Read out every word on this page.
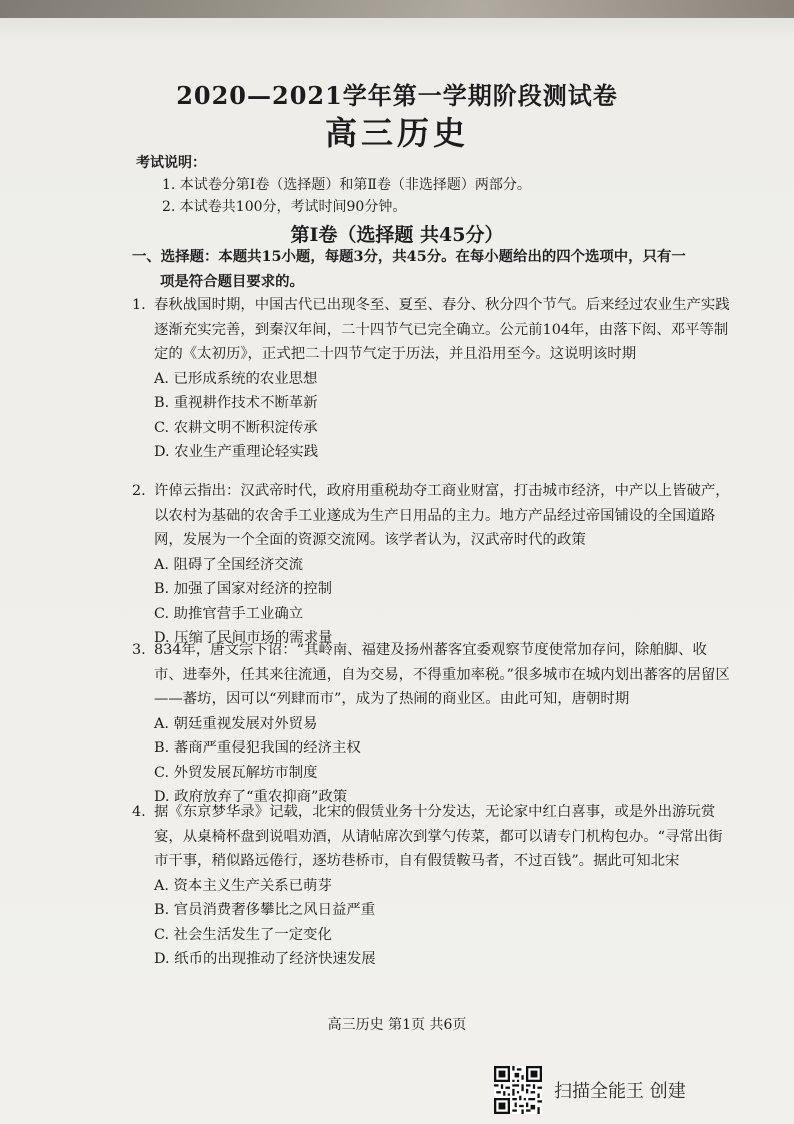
2020—2021学年第一学期阶段测试卷
高三历史
考试说明：
1. 本试卷分第Ⅰ卷（选择题）和第Ⅱ卷（非选择题）两部分。
2. 本试卷共100分，考试时间90分钟。
第Ⅰ卷（选择题 共45分）
一、选择题：本题共15小题，每题3分，共45分。在每小题给出的四个选项中，只有一
项是符合题目要求的。
1. 春秋战国时期，中国古代已出现冬至、夏至、春分、秋分四个节气。后来经过农业生产实践逐渐充实完善，到秦汉年间，二十四节气已完全确立。公元前104年，由落下闳、邓平等制定的《太初历》，正式把二十四节气定于历法，并且沿用至今。这说明该时期
A. 已形成系统的农业思想
B. 重视耕作技术不断革新
C. 农耕文明不断积淀传承
D. 农业生产重理论轻实践
2. 许倬云指出：汉武帝时代，政府用重税劫夺工商业财富，打击城市经济，中产以上皆破产，以农村为基础的农舍手工业遂成为生产日用品的主力。地方产品经过帝国铺设的全国道路网，发展为一个全面的资源交流网。该学者认为，汉武帝时代的政策
A. 阻碍了全国经济交流
B. 加强了国家对经济的控制
C. 助推官营手工业确立
D. 压缩了民间市场的需求量
3. 834年，唐文宗下诏：“其岭南、福建及扬州蕃客宜委观察节度使常加存问，除舶脚、收市、进奉外，任其来往流通，自为交易，不得重加率税。”很多城市在城内划出蕃客的居留区——蕃坊，因可以“列肆而市”，成为了热闹的商业区。由此可知，唐朝时期
A. 朝廷重视发展对外贸易
B. 蕃商严重侵犯我国的经济主权
C. 外贸发展瓦解坊市制度
D. 政府放弃了“重农抑商”政策
4. 据《东京梦华录》记载，北宋的假赁业务十分发达，无论家中红白喜事，或是外出游玩赏宴，从桌椅杯盘到说唱劝酒，从请帖席次到掌勺传菜，都可以请专门机构包办。“寻常出街市干事，稍似路远倦行，逐坊巷桥市，自有假赁鞍马者，不过百钱”。据此可知北宋
A. 资本主义生产关系已萌芽
B. 官员消费奢侈攀比之风日益严重
C. 社会生活发生了一定变化
D. 纸币的出现推动了经济快速发展
高三历史 第1页 共6页
扫描全能王 创建
